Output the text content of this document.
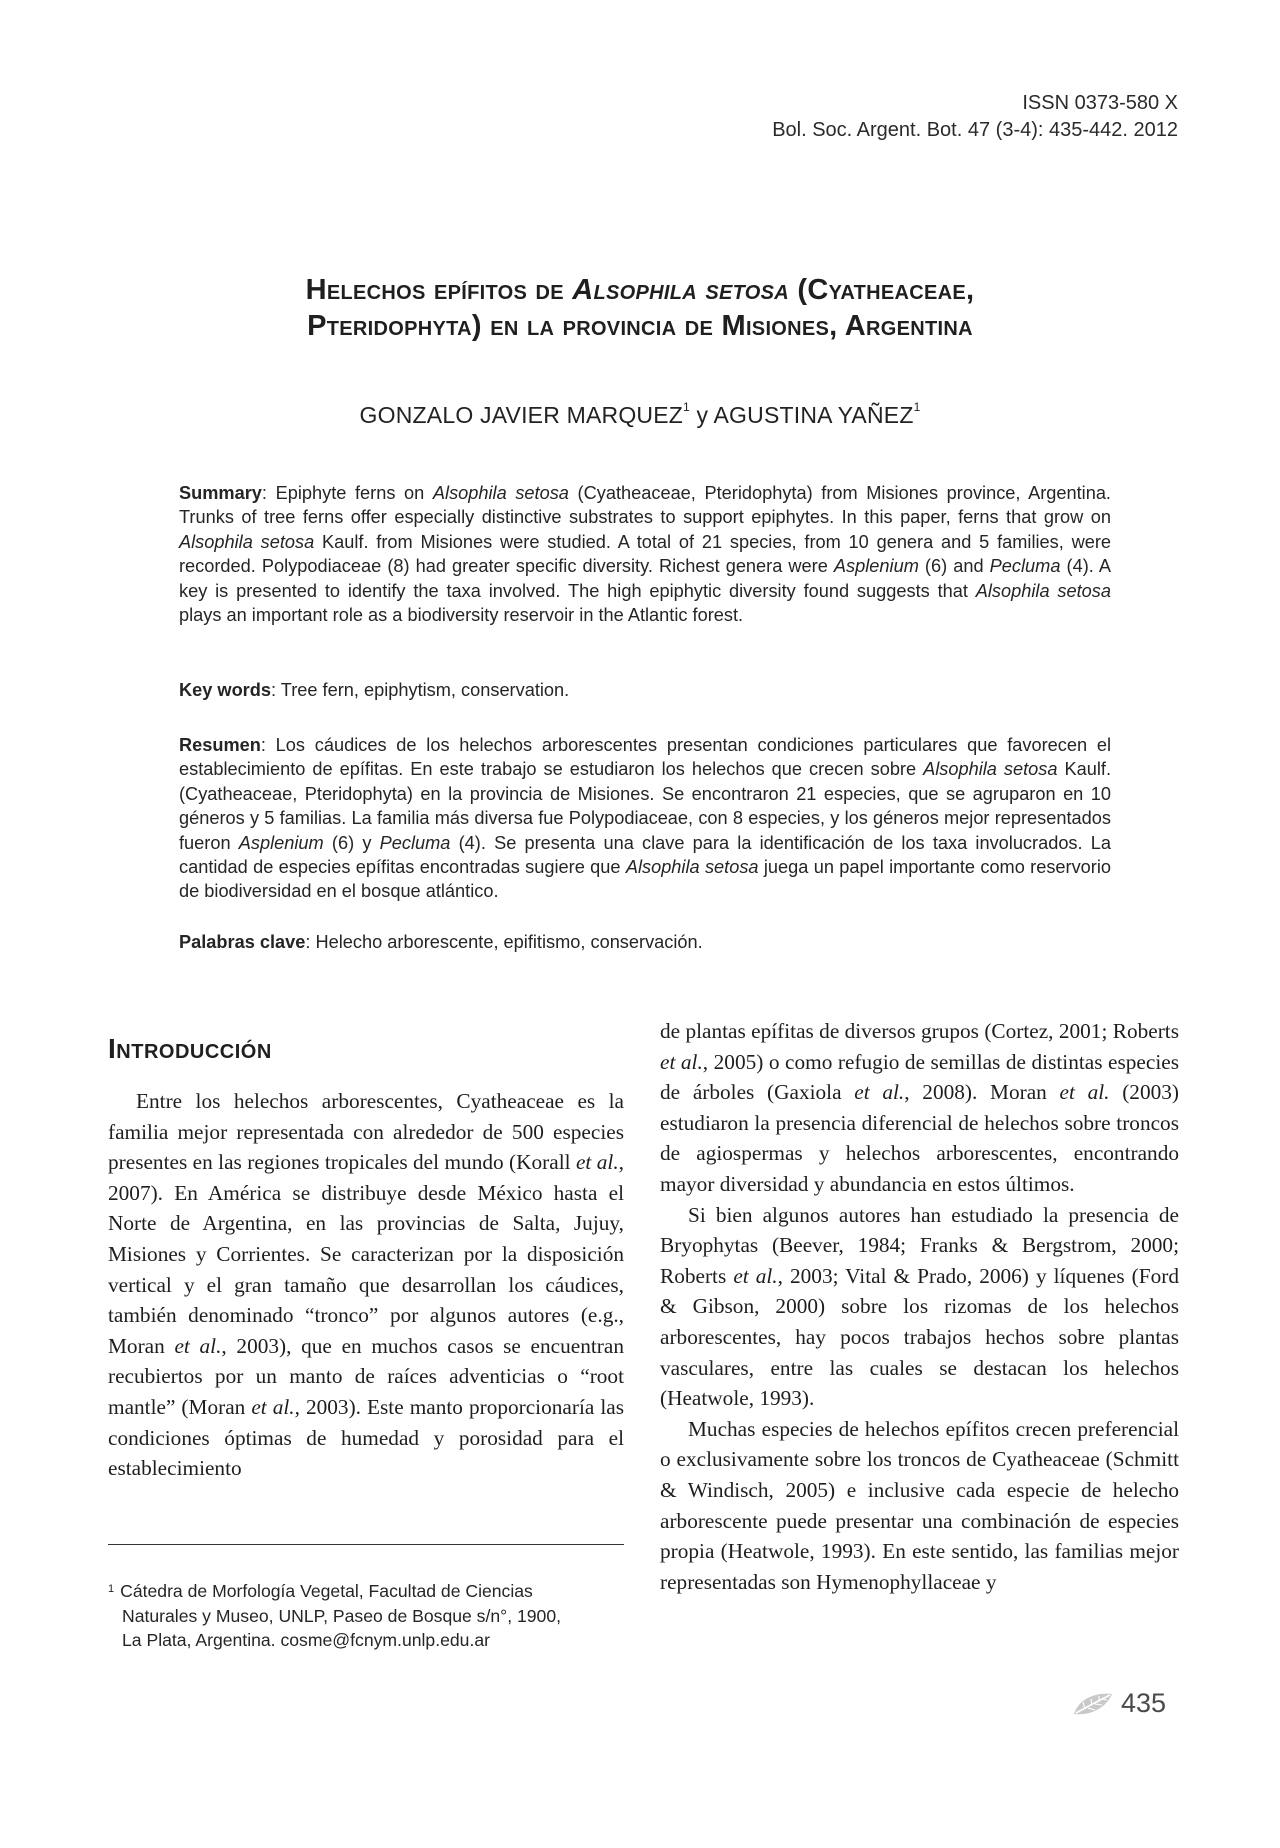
ISSN 0373-580 X
Bol. Soc. Argent. Bot. 47 (3-4): 435-442. 2012
Helechos epífitos de Alsophila setosa (Cyatheaceae,
Pteridophyta) en la provincia de Misiones, Argentina
GONZALO JAVIER MARQUEZ$^1$ y AGUSTINA YAÑEZ$^1$
Summary: Epiphyte ferns on Alsophila setosa (Cyatheaceae, Pteridophyta) from Misiones province, Argentina. Trunks of tree ferns offer especially distinctive substrates to support epiphytes. In this paper, ferns that grow on Alsophila setosa Kaulf. from Misiones were studied. A total of 21 species, from 10 genera and 5 families, were recorded. Polypodiaceae (8) had greater specific diversity. Richest genera were Asplenium (6) and Pecluma (4). A key is presented to identify the taxa involved. The high epiphytic diversity found suggests that Alsophila setosa plays an important role as a biodiversity reservoir in the Atlantic forest.
Key words: Tree fern, epiphytism, conservation.
Resumen: Los cáudices de los helechos arborescentes presentan condiciones particulares que favorecen el establecimiento de epífitas. En este trabajo se estudiaron los helechos que crecen sobre Alsophila setosa Kaulf. (Cyatheaceae, Pteridophyta) en la provincia de Misiones. Se encontraron 21 especies, que se agruparon en 10 géneros y 5 familias. La familia más diversa fue Polypodiaceae, con 8 especies, y los géneros mejor representados fueron Asplenium (6) y Pecluma (4). Se presenta una clave para la identificación de los taxa involucrados. La cantidad de especies epífitas encontradas sugiere que Alsophila setosa juega un papel importante como reservorio de biodiversidad en el bosque atlántico.
Palabras clave: Helecho arborescente, epifitismo, conservación.
Introducción

Entre los helechos arborescentes, Cyatheaceae es la familia mejor representada con alrededor de 500 especies presentes en las regiones tropicales del mundo (Korall et al., 2007). En América se distribuye desde México hasta el Norte de Argentina, en las provincias de Salta, Jujuy, Misiones y Corrientes. Se caracterizan por la disposición vertical y el gran tamaño que desarrollan los cáudices, también denominado “tronco” por algunos autores (e.g., Moran et al., 2003), que en muchos casos se encuentran recubiertos por un manto de raíces adventicias o “root mantle” (Moran et al., 2003). Este manto proporcionaría las condiciones óptimas de humedad y porosidad para el establecimiento

de plantas epífitas de diversos grupos (Cortez, 2001; Roberts et al., 2005) o como refugio de semillas de distintas especies de árboles (Gaxiola et al., 2008). Moran et al. (2003) estudiaron la presencia diferencial de helechos sobre troncos de agiospermas y helechos arborescentes, encontrando mayor diversidad y abundancia en estos últimos.

Si bien algunos autores han estudiado la presencia de Bryophytas (Beever, 1984; Franks & Bergstrom, 2000; Roberts et al., 2003; Vital & Prado, 2006) y líquenes (Ford & Gibson, 2000) sobre los rizomas de los helechos arborescentes, hay pocos trabajos hechos sobre plantas vasculares, entre las cuales se destacan los helechos (Heatwole, 1993).

Muchas especies de helechos epífitos crecen preferencial o exclusivamente sobre los troncos de Cyatheaceae (Schmitt & Windisch, 2005) e inclusive cada especie de helecho arborescente puede presentar una combinación de especies propia (Heatwole, 1993). En este sentido, las familias mejor representadas son Hymenophyllaceae y

$^1$ Cátedra de Morfología Vegetal, Facultad de Ciencias
Naturales y Museo, UNLP, Paseo de Bosque s/n°, 1900,
La Plata, Argentina. cosme@fcnym.unlp.edu.ar
435
